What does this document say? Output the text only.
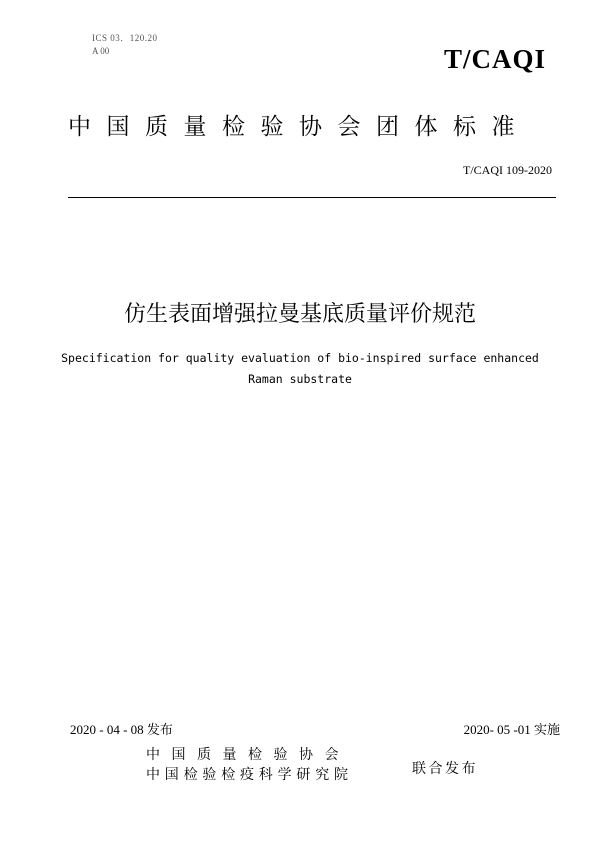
ICS 03．120.20
A 00	T/CAQI
中国质量检验协会团体标准
T/CAQI 109-2020
仿生表面增强拉曼基底质量评价规范
Specification for quality evaluation of bio-inspired surface enhanced
Raman substrate
2020 - 04 - 08 发布	2020- 05 -01 实施
中国质量检验协会
中国检验检疫科学研究院	联合发布
